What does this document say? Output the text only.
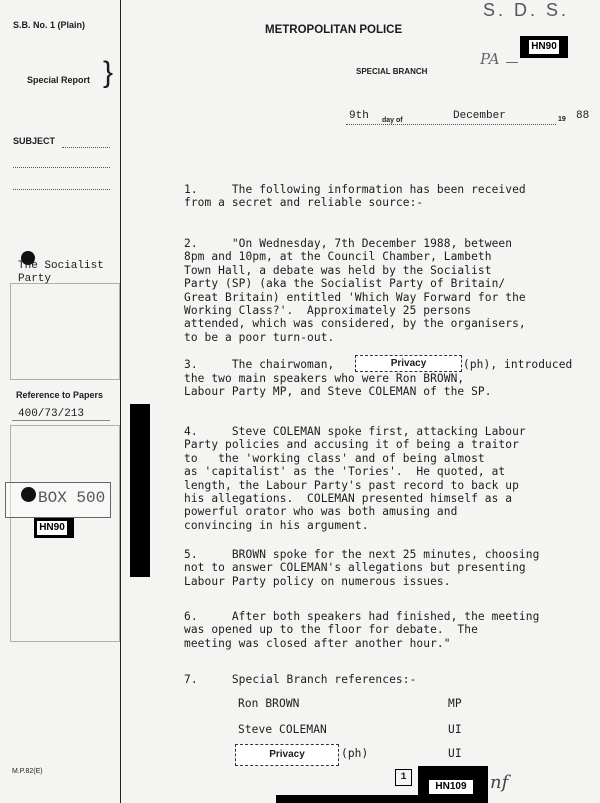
S.B. No. 1 (Plain)
Special Report }
SUBJECT
The Socialist
Party
Reference to Papers
400/73/213
BOX 500
HN90
M.P.82(E)
METROPOLITAN POLICE
SPECIAL BRANCH
S. D. S.
PA
HN90
9th day of	December	19 88
1.     The following information has been received
from a secret and reliable source:-
2.     "On Wednesday, 7th December 1988, between
8pm and 10pm, at the Council Chamber, Lambeth
Town Hall, a debate was held by the Socialist
Party (SP) (aka the Socialist Party of Britain/
Great Britain) entitled 'Which Way Forward for the
Working Class?'.  Approximately 25 persons
attended, which was considered, by the organisers,
to be a poor turn-out.
3.     The chairwoman,	Privacy	(ph), introduced
the two main speakers who were Ron BROWN,
Labour Party MP, and Steve COLEMAN of the SP.
4.     Steve COLEMAN spoke first, attacking Labour
Party policies and accusing it of being a traitor
to   the 'working class' and of being almost
as 'capitalist' as the 'Tories'.  He quoted, at
length, the Labour Party's past record to back up
his allegations.  COLEMAN presented himself as a
powerful orator who was both amusing and
convincing in his argument.
5.     BROWN spoke for the next 25 minutes, choosing
not to answer COLEMAN's allegations but presenting
Labour Party policy on numerous issues.
6.     After both speakers had finished, the meeting
was opened up to the floor for debate.  The
meeting was closed after another hour."
7.     Special Branch references:-
Ron BROWN	MP
Steve COLEMAN	UI
Privacy	(ph)	UI
1
HN109	nf
